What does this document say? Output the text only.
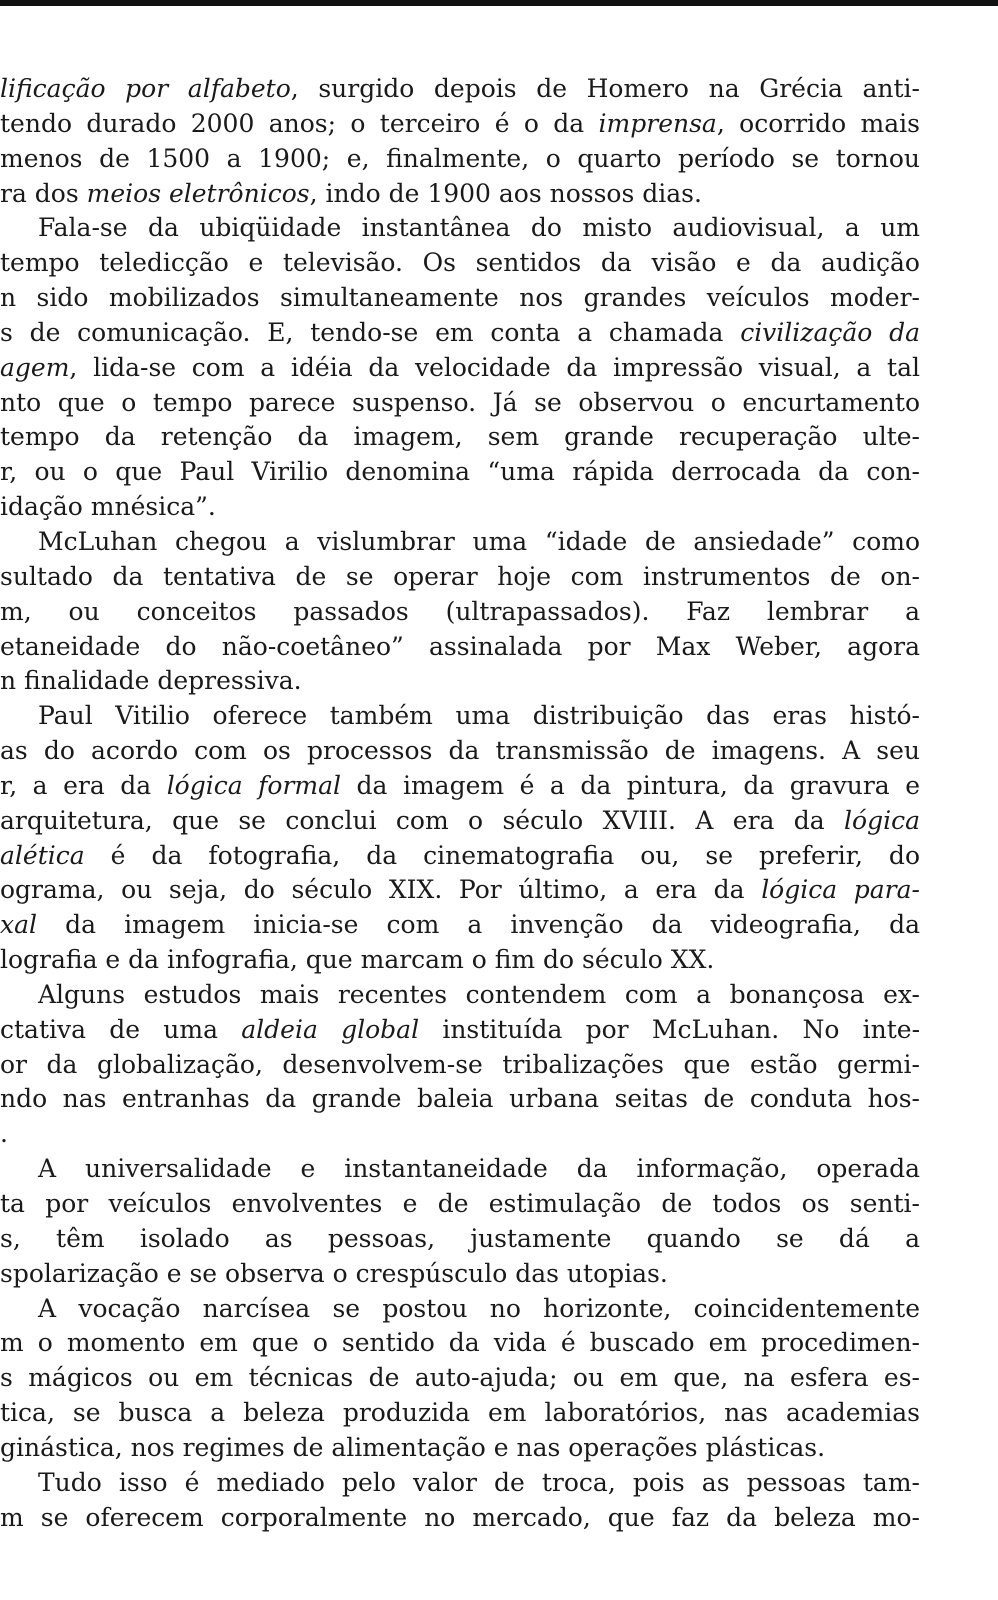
lificação por alfabeto, surgido depois de Homero na Grécia anti-
tendo durado 2000 anos; o terceiro é o da imprensa, ocorrido mais
menos de 1500 a 1900; e, finalmente, o quarto período se tornou
ra dos meios eletrônicos, indo de 1900 aos nossos dias.
Fala-se da ubiqüidade instantânea do misto audiovisual, a um
tempo teledicção e televisão. Os sentidos da visão e da audição
n sido mobilizados simultaneamente nos grandes veículos moder-
s de comunicação. E, tendo-se em conta a chamada civilização da
agem, lida-se com a idéia da velocidade da impressão visual, a tal
nto que o tempo parece suspenso. Já se observou o encurtamento
tempo da retenção da imagem, sem grande recuperação ulte-
r, ou o que Paul Virilio denomina “uma rápida derrocada da con-
idação mnésica”.
McLuhan chegou a vislumbrar uma “idade de ansiedade” como
sultado da tentativa de se operar hoje com instrumentos de on-
m, ou conceitos passados (ultrapassados). Faz lembrar a
etaneidade do não-coetâneo” assinalada por Max Weber, agora
n finalidade depressiva.
Paul Vitilio oferece também uma distribuição das eras histó-
as do acordo com os processos da transmissão de imagens. A seu
r, a era da lógica formal da imagem é a da pintura, da gravura e
arquitetura, que se conclui com o século XVIII. A era da lógica
alética é da fotografia, da cinematografia ou, se preferir, do
ograma, ou seja, do século XIX. Por último, a era da lógica para-
xal da imagem inicia-se com a invenção da videografia, da
lografia e da infografia, que marcam o fim do século XX.
Alguns estudos mais recentes contendem com a bonançosa ex-
ctativa de uma aldeia global instituída por McLuhan. No inte-
or da globalização, desenvolvem-se tribalizações que estão germi-
ndo nas entranhas da grande baleia urbana seitas de conduta hos-
.
A universalidade e instantaneidade da informação, operada
ta por veículos envolventes e de estimulação de todos os senti-
s, têm isolado as pessoas, justamente quando se dá a
spolarização e se observa o crespúsculo das utopias.
A vocação narcísea se postou no horizonte, coincidentemente
m o momento em que o sentido da vida é buscado em procedimen-
s mágicos ou em técnicas de auto-ajuda; ou em que, na esfera es-
tica, se busca a beleza produzida em laboratórios, nas academias
ginástica, nos regimes de alimentação e nas operações plásticas.
Tudo isso é mediado pelo valor de troca, pois as pessoas tam-
m se oferecem corporalmente no mercado, que faz da beleza mo-
